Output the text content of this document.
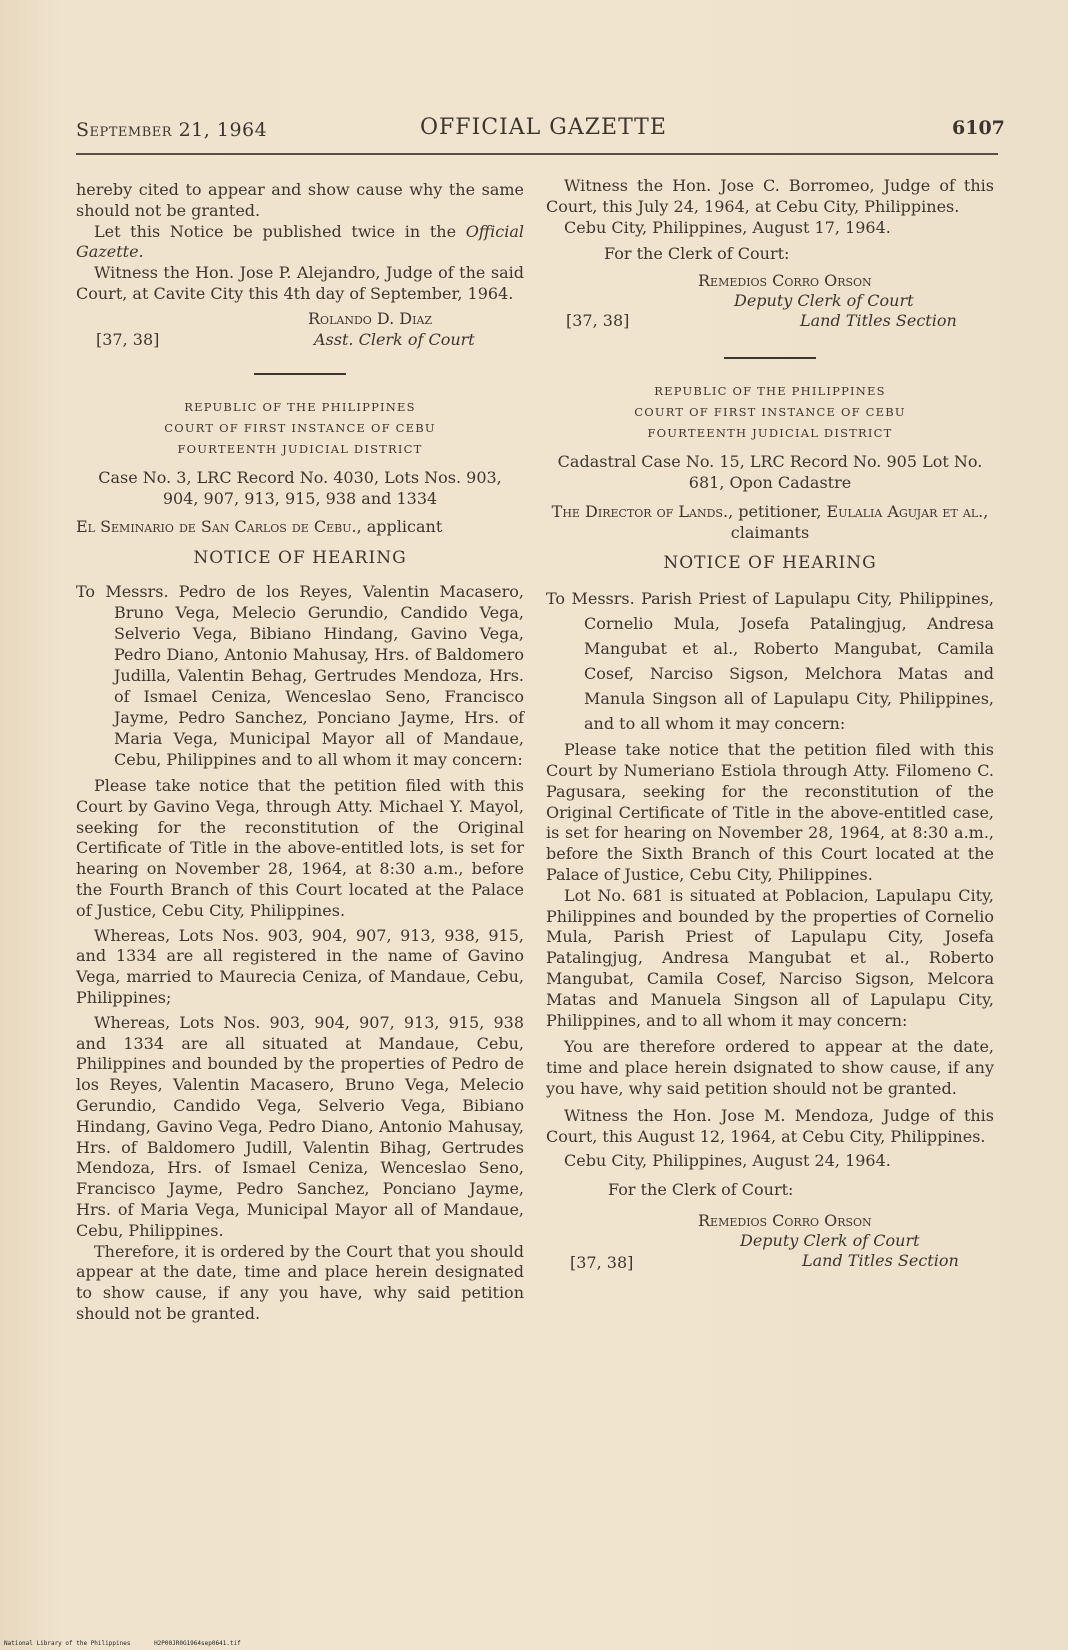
September 21, 1964	OFFICIAL GAZETTE	6107

hereby cited to appear and show cause why the same should not be granted.

Let this Notice be published twice in the Official Gazette.

Witness the Hon. Jose P. Alejandro, Judge of the said Court, at Cavite City this 4th day of September, 1964.

Rolando D. Diaz
Asst. Clerk of Court
[37, 38]

REPUBLIC OF THE PHILIPPINES

COURT OF FIRST INSTANCE OF CEBU

FOURTEENTH JUDICIAL DISTRICT

Case No. 3, LRC Record No. 4030, Lots Nos. 903, 904, 907, 913, 915, 938 and 1334

El Seminario de San Carlos de Cebu., applicant

NOTICE OF HEARING

To Messrs. Pedro de los Reyes, Valentin Macasero, Bruno Vega, Melecio Gerundio, Candido Vega, Selverio Vega, Bibiano Hindang, Gavino Vega, Pedro Diano, Antonio Mahusay, Hrs. of Baldomero Judilla, Valentin Behag, Gertrudes Mendoza, Hrs. of Ismael Ceniza, Wenceslao Seno, Francisco Jayme, Pedro Sanchez, Ponciano Jayme, Hrs. of Maria Vega, Municipal Mayor all of Mandaue, Cebu, Philippines and to all whom it may concern:

Please take notice that the petition filed with this Court by Gavino Vega, through Atty. Michael Y. Mayol, seeking for the reconstitution of the Original Certificate of Title in the above-entitled lots, is set for hearing on November 28, 1964, at 8:30 a.m., before the Fourth Branch of this Court located at the Palace of Justice, Cebu City, Philippines.

Whereas, Lots Nos. 903, 904, 907, 913, 938, 915, and 1334 are all registered in the name of Gavino Vega, married to Maurecia Ceniza, of Mandaue, Cebu, Philippines;

Whereas, Lots Nos. 903, 904, 907, 913, 915, 938 and 1334 are all situated at Mandaue, Cebu, Philippines and bounded by the properties of Pedro de los Reyes, Valentin Macasero, Bruno Vega, Melecio Gerundio, Candido Vega, Selverio Vega, Bibiano Hindang, Gavino Vega, Pedro Diano, Antonio Mahusay, Hrs. of Baldomero Judill, Valentin Bihag, Gertrudes Mendoza, Hrs. of Ismael Ceniza, Wenceslao Seno, Francisco Jayme, Pedro Sanchez, Ponciano Jayme, Hrs. of Maria Vega, Municipal Mayor all of Mandaue, Cebu, Philippines.

Therefore, it is ordered by the Court that you should appear at the date, time and place herein designated to show cause, if any you have, why said petition should not be granted.

Witness the Hon. Jose C. Borromeo, Judge of this Court, this July 24, 1964, at Cebu City, Philippines.

Cebu City, Philippines, August 17, 1964.

For the Clerk of Court:

Remedios Corro Orson
Deputy Clerk of Court
Land Titles Section
[37, 38]

REPUBLIC OF THE PHILIPPINES

COURT OF FIRST INSTANCE OF CEBU

FOURTEENTH JUDICIAL DISTRICT

Cadastral Case No. 15, LRC Record No. 905 Lot No. 681, Opon Cadastre

The Director of Lands., petitioner, Eulalia Agujar et al., claimants

NOTICE OF HEARING

To Messrs. Parish Priest of Lapulapu City, Philippines, Cornelio Mula, Josefa Patalingjug, Andresa Mangubat et al., Roberto Mangubat, Camila Cosef, Narciso Sigson, Melchora Matas and Manula Singson all of Lapulapu City, Philippines, and to all whom it may concern:

Please take notice that the petition filed with this Court by Numeriano Estiola through Atty. Filomeno C. Pagusara, seeking for the reconstitution of the Original Certificate of Title in the above-entitled case, is set for hearing on November 28, 1964, at 8:30 a.m., before the Sixth Branch of this Court located at the Palace of Justice, Cebu City, Philippines.

Lot No. 681 is situated at Poblacion, Lapulapu City, Philippines and bounded by the properties of Cornelio Mula, Parish Priest of Lapulapu City, Josefa Patalingjug, Andresa Mangubat et al., Roberto Mangubat, Camila Cosef, Narciso Sigson, Melcora Matas and Manuela Singson all of Lapulapu City, Philippines, and to all whom it may concern:

You are therefore ordered to appear at the date, time and place herein dsignated to show cause, if any you have, why said petition should not be granted.

Witness the Hon. Jose M. Mendoza, Judge of this Court, this August 12, 1964, at Cebu City, Philippines.

Cebu City, Philippines, August 24, 1964.

For the Clerk of Court:

Remedios Corro Orson
Deputy Clerk of Court
Land Titles Section
[37, 38]
National Library of the Philippines	H2P00JR0G1964sep0641.tif
